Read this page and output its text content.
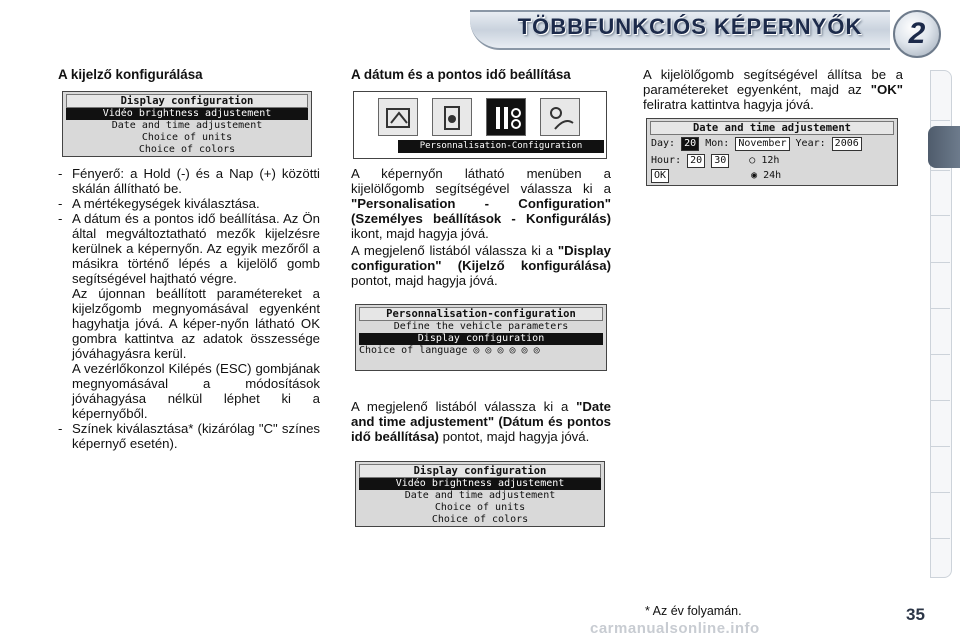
TÖBBFUNKCIÓS KÉPERNYŐK	2
A kijelző konfigurálása
Display configuration
Vidéo brightness adjustement
Date and time adjustement
Choice of units
Choice of colors
- Fényerő: a Hold (-) és a Nap (+) közötti skálán állítható be.
- A mértékegységek kiválasztása.
- A dátum és a pontos idő beállítása. Az Ön által megváltoztatható mezők kijelzésre kerülnek a képernyőn. Az egyik mezőről a másikra történő lépés a kijelölő gomb segítségével hajtható végre.
Az újonnan beállított paramétereket a kijelzőgomb megnyomásával egyenként hagyhatja jóvá. A képer-nyőn látható OK gombra kattintva az adatok összessége jóváhagyásra kerül.
A vezérlőkonzol Kilépés (ESC) gombjának megnyomásával a módosítások jóváhagyása nélkül léphet ki a képernyőből.
- Színek kiválasztása* (kizárólag "C" színes képernyő esetén).
A dátum és a pontos idő beállítása
Personnalisation-Configuration
A képernyőn látható menüben a kijelölőgomb segítségével válassza ki a "Personalisation - Configuration" (Személyes beállítások - Konfigurálás) ikont, majd hagyja jóvá.
A megjelenő listából válassza ki a "Display configuration" (Kijelző konfigurálása) pontot, majd hagyja jóvá.
Personnalisation-configuration
Define the vehicle parameters
Display configuration
Choice of language ◎ ◎ ◎ ◎ ◎ ◎
A megjelenő listából válassza ki a "Date and time adjustement" (Dátum és pontos idő beállítása) pontot, majd hagyja jóvá.
Display configuration
Vidéo brightness adjustement
Date and time adjustement
Choice of units
Choice of colors
A kijelölőgomb segítségével állítsa be a paramétereket egyenként, majd az "OK" feliratra kattintva hagyja jóvá.
Date and time adjustement
Day: 20 Mon: November Year: 2006
Hour: 20 30 ○ 12h
OK	◉ 24h
* Az év folyamán.	35
carmanualsonline.info
